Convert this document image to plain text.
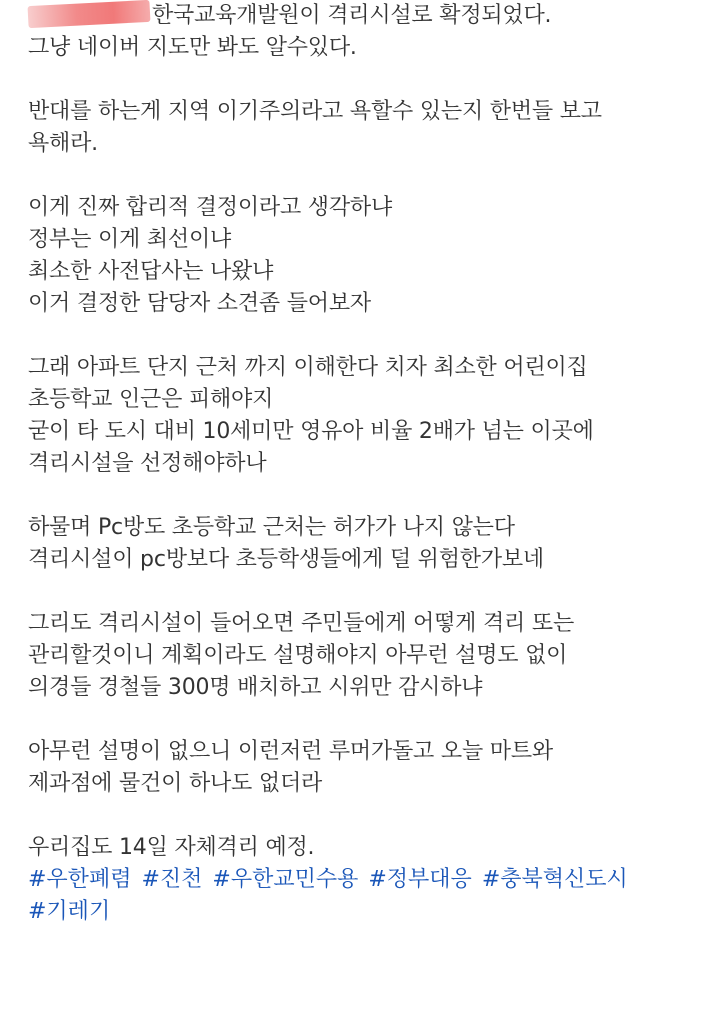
한국교육개발원이 격리시설로 확정되었다.
그냥 네이버 지도만 봐도 알수있다.
반대를 하는게 지역 이기주의라고 욕할수 있는지 한번들 보고
욕해라.
이게 진짜 합리적 결정이라고 생각하냐
정부는 이게 최선이냐
최소한 사전답사는 나왔냐
이거 결정한 담당자 소견좀 들어보자
그래 아파트 단지 근처 까지 이해한다 치자 최소한 어린이집
초등학교 인근은 피해야지
굳이 타 도시 대비 10세미만 영유아 비율 2배가 넘는 이곳에
격리시설을 선정해야하나
하물며 Pc방도 초등학교 근처는 허가가 나지 않는다
격리시설이 pc방보다 초등학생들에게 덜 위험한가보네
그리도 격리시설이 들어오면 주민들에게 어떻게 격리 또는
관리할것이니 계획이라도 설명해야지 아무런 설명도 없이
의경들 경철들 300명 배치하고 시위만 감시하냐
아무런 설명이 없으니 이런저런 루머가돌고 오늘 마트와
제과점에 물건이 하나도 없더라
우리집도 14일 자체격리 예정.
#우한폐렴 #진천 #우한교민수용 #정부대응 #충북혁신도시
#기레기
